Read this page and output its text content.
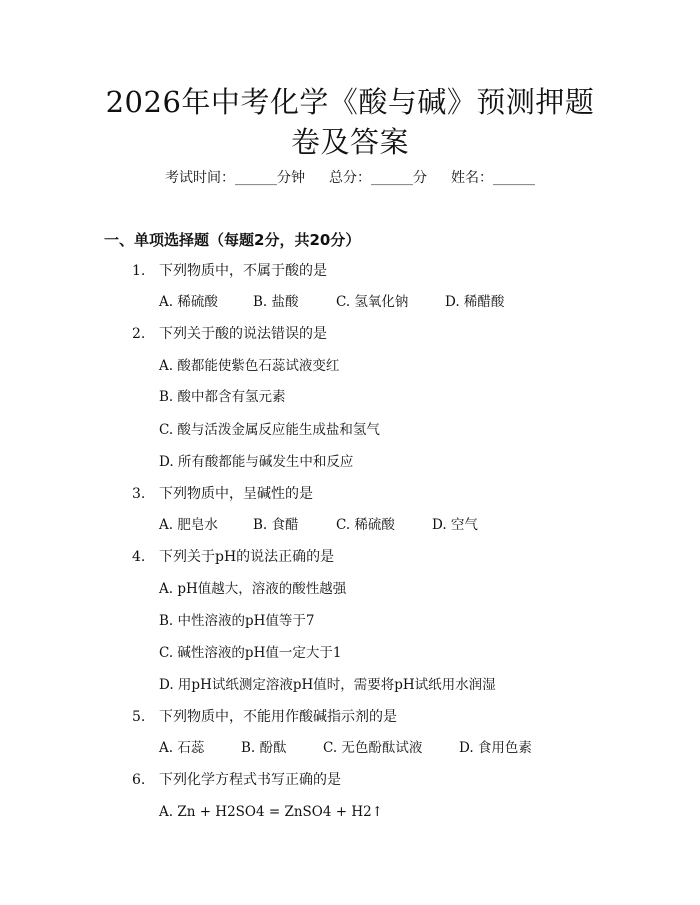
2026年中考化学《酸与碱》预测押题卷及答案
考试时间：______分钟 总分：______分 姓名：______
一、单项选择题（每题2分，共20分）
1. 下列物质中，不属于酸的是
A. 稀硫酸	B. 盐酸	C. 氢氧化钠	D. 稀醋酸
2. 下列关于酸的说法错误的是
A. 酸都能使紫色石蕊试液变红
B. 酸中都含有氢元素
C. 酸与活泼金属反应能生成盐和氢气
D. 所有酸都能与碱发生中和反应
3. 下列物质中，呈碱性的是
A. 肥皂水	B. 食醋	C. 稀硫酸	D. 空气
4. 下列关于pH的说法正确的是
A. pH值越大，溶液的酸性越强
B. 中性溶液的pH值等于7
C. 碱性溶液的pH值一定大于1
D. 用pH试纸测定溶液pH值时，需要将pH试纸用水润湿
5. 下列物质中，不能用作酸碱指示剂的是
A. 石蕊	B. 酚酞	C. 无色酚酞试液	D. 食用色素
6. 下列化学方程式书写正确的是
A. Zn + H2SO4 = ZnSO4 + H2↑
